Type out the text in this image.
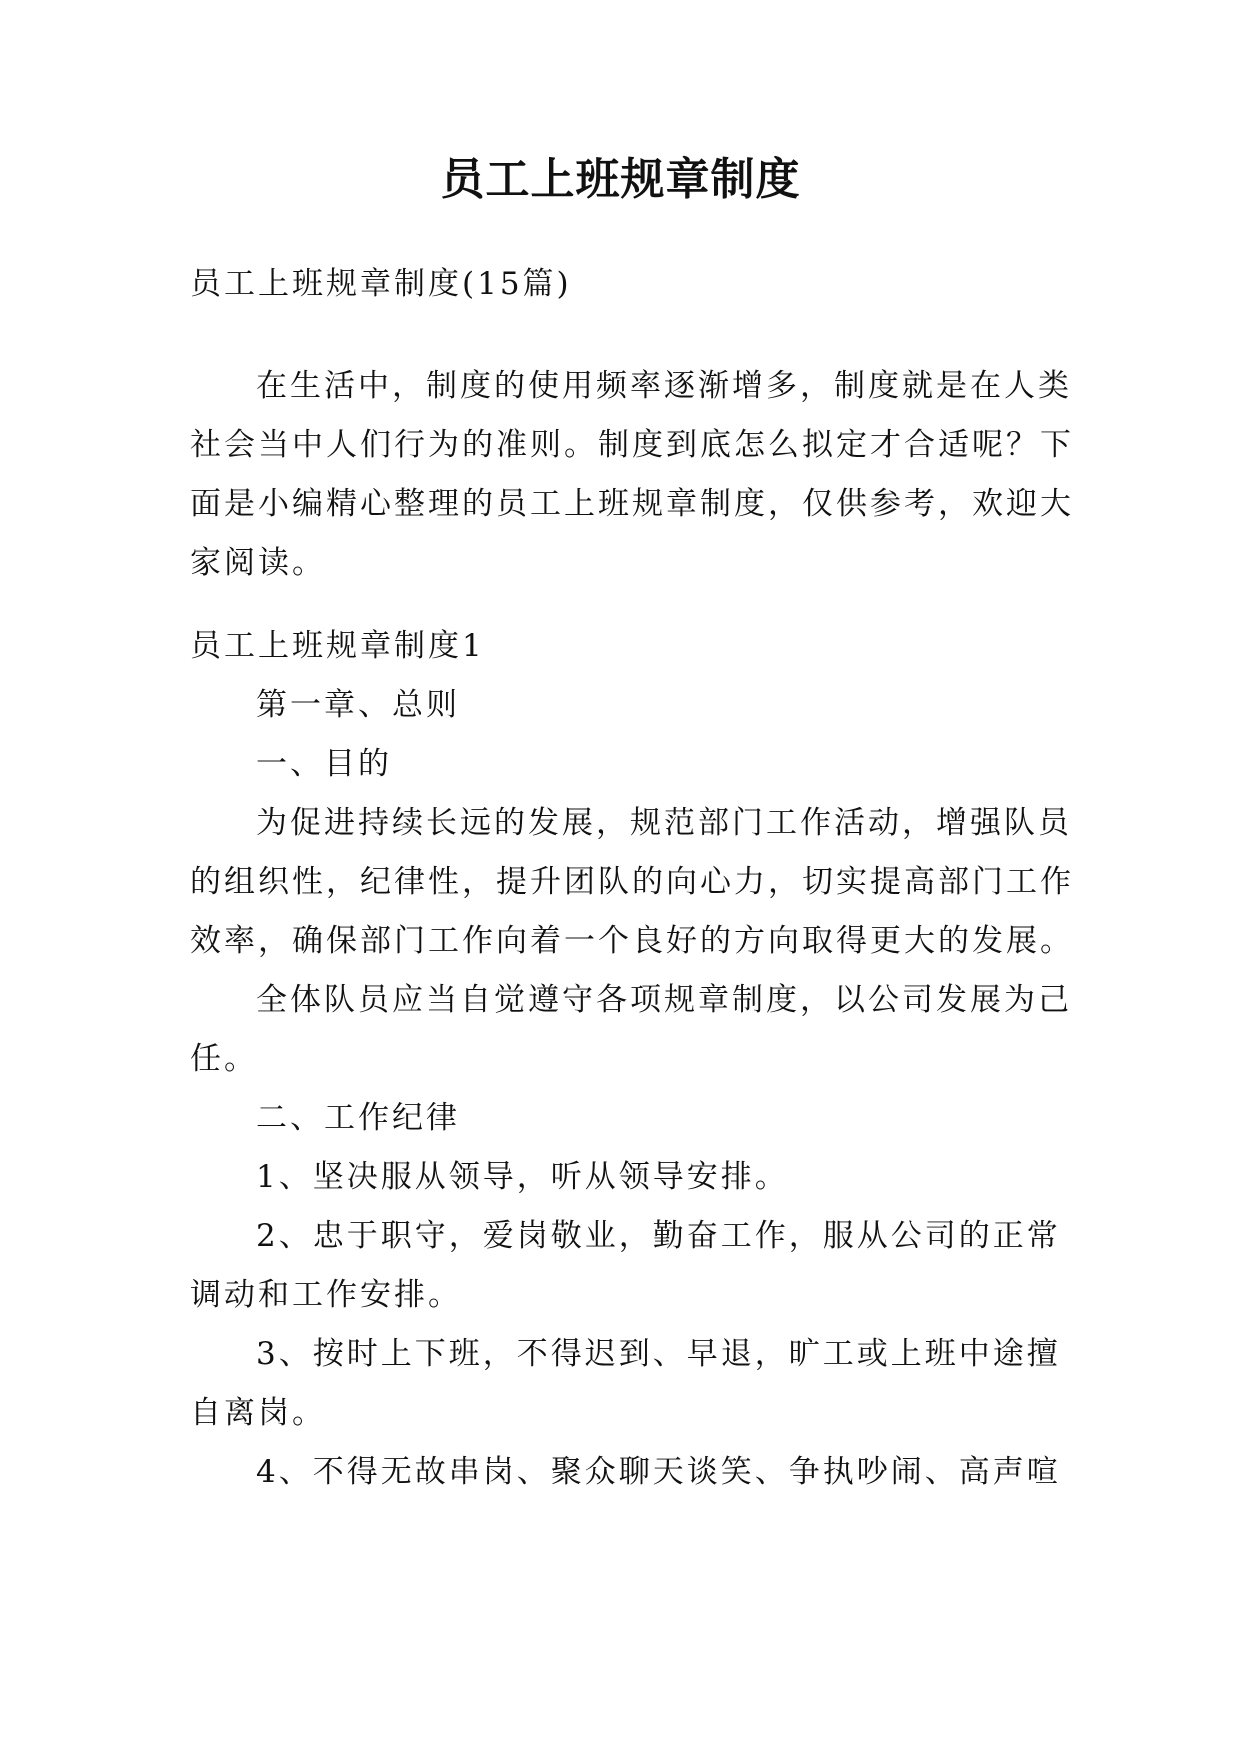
员工上班规章制度

员工上班规章制度(15篇)

在生活中，制度的使用频率逐渐增多，制度就是在人类
社会当中人们行为的准则。制度到底怎么拟定才合适呢？下
面是小编精心整理的员工上班规章制度，仅供参考，欢迎大
家阅读。
员工上班规章制度1
第一章、总则
一、目的
为促进持续长远的发展，规范部门工作活动，增强队员
的组织性，纪律性，提升团队的向心力，切实提高部门工作
效率，确保部门工作向着一个良好的方向取得更大的发展。
全体队员应当自觉遵守各项规章制度，以公司发展为己
任。
二、工作纪律
1、坚决服从领导，听从领导安排。
2、忠于职守，爱岗敬业，勤奋工作，服从公司的正常
调动和工作安排。
3、按时上下班，不得迟到、早退，旷工或上班中途擅
自离岗。
4、不得无故串岗、聚众聊天谈笑、争执吵闹、高声喧
